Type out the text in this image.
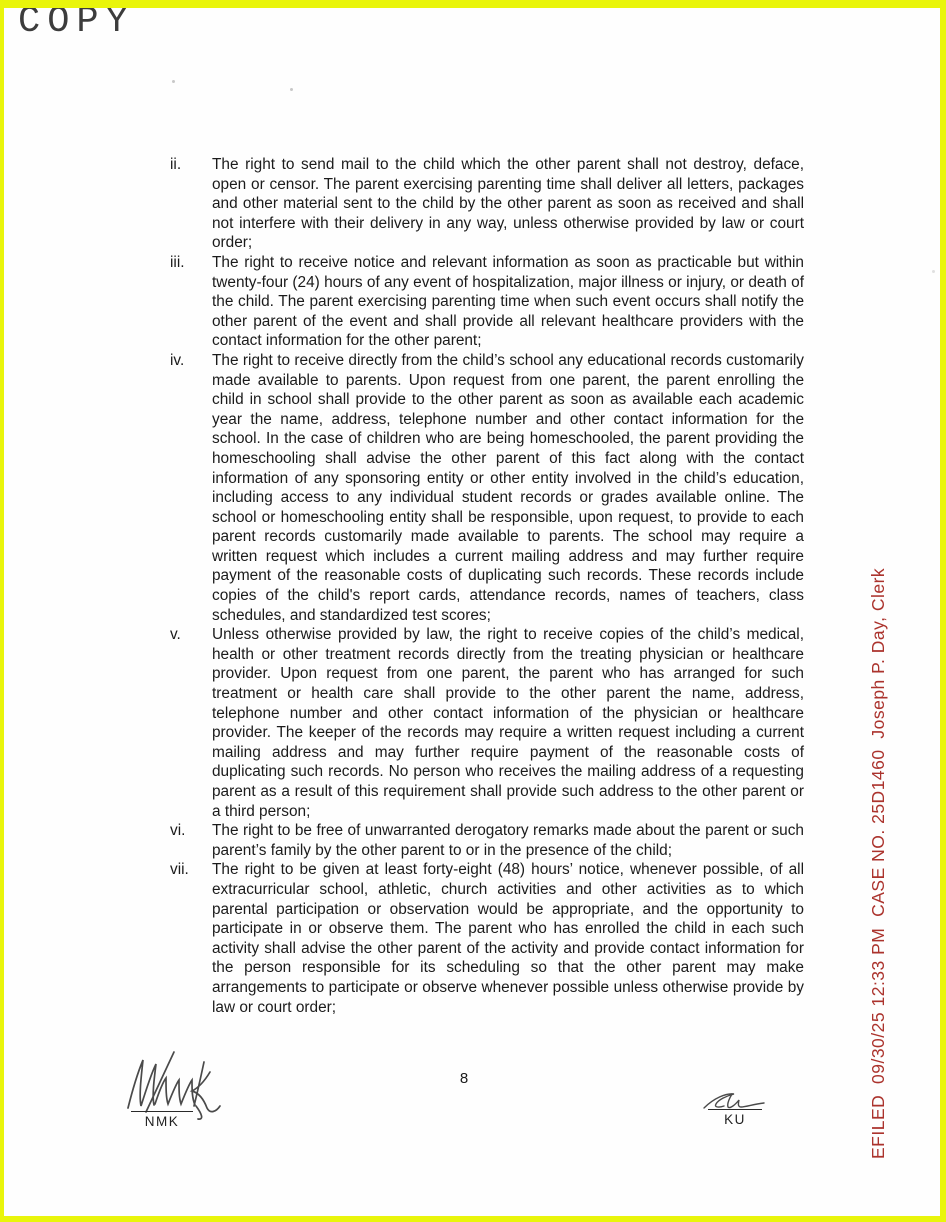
COPY
ii.	The right to send mail to the child which the other parent shall not destroy, deface, open or censor. The parent exercising parenting time shall deliver all letters, packages and other material sent to the child by the other parent as soon as received and shall not interfere with their delivery in any way, unless otherwise provided by law or court order;
iii.	The right to receive notice and relevant information as soon as practicable but within twenty-four (24) hours of any event of hospitalization, major illness or injury, or death of the child. The parent exercising parenting time when such event occurs shall notify the other parent of the event and shall provide all relevant healthcare providers with the contact information for the other parent;
iv.	The right to receive directly from the child’s school any educational records customarily made available to parents. Upon request from one parent, the parent enrolling the child in school shall provide to the other parent as soon as available each academic year the name, address, telephone number and other contact information for the school. In the case of children who are being homeschooled, the parent providing the homeschooling shall advise the other parent of this fact along with the contact information of any sponsoring entity or other entity involved in the child’s education, including access to any individual student records or grades available online. The school or homeschooling entity shall be responsible, upon request, to provide to each parent records customarily made available to parents. The school may require a written request which includes a current mailing address and may further require payment of the reasonable costs of duplicating such records. These records include copies of the child's report cards, attendance records, names of teachers, class schedules, and standardized test scores;
v.	Unless otherwise provided by law, the right to receive copies of the child’s medical, health or other treatment records directly from the treating physician or healthcare provider. Upon request from one parent, the parent who has arranged for such treatment or health care shall provide to the other parent the name, address, telephone number and other contact information of the physician or healthcare provider. The keeper of the records may require a written request including a current mailing address and may further require payment of the reasonable costs of duplicating such records. No person who receives the mailing address of a requesting parent as a result of this requirement shall provide such address to the other parent or a third person;
vi.	The right to be free of unwarranted derogatory remarks made about the parent or such parent’s family by the other parent to or in the presence of the child;
vii.	The right to be given at least forty-eight (48) hours’ notice, whenever possible, of all extracurricular school, athletic, church activities and other activities as to which parental participation or observation would be appropriate, and the opportunity to participate in or observe them. The parent who has enrolled the child in each such activity shall advise the other parent of the activity and provide contact information for the person responsible for its scheduling so that the other parent may make arrangements to participate or observe whenever possible unless otherwise provide by law or court order;
8
NMK	KU	EFILED  09/30/25 12:33 PM  CASE NO. 25D1460  Joseph P. Day, Clerk
